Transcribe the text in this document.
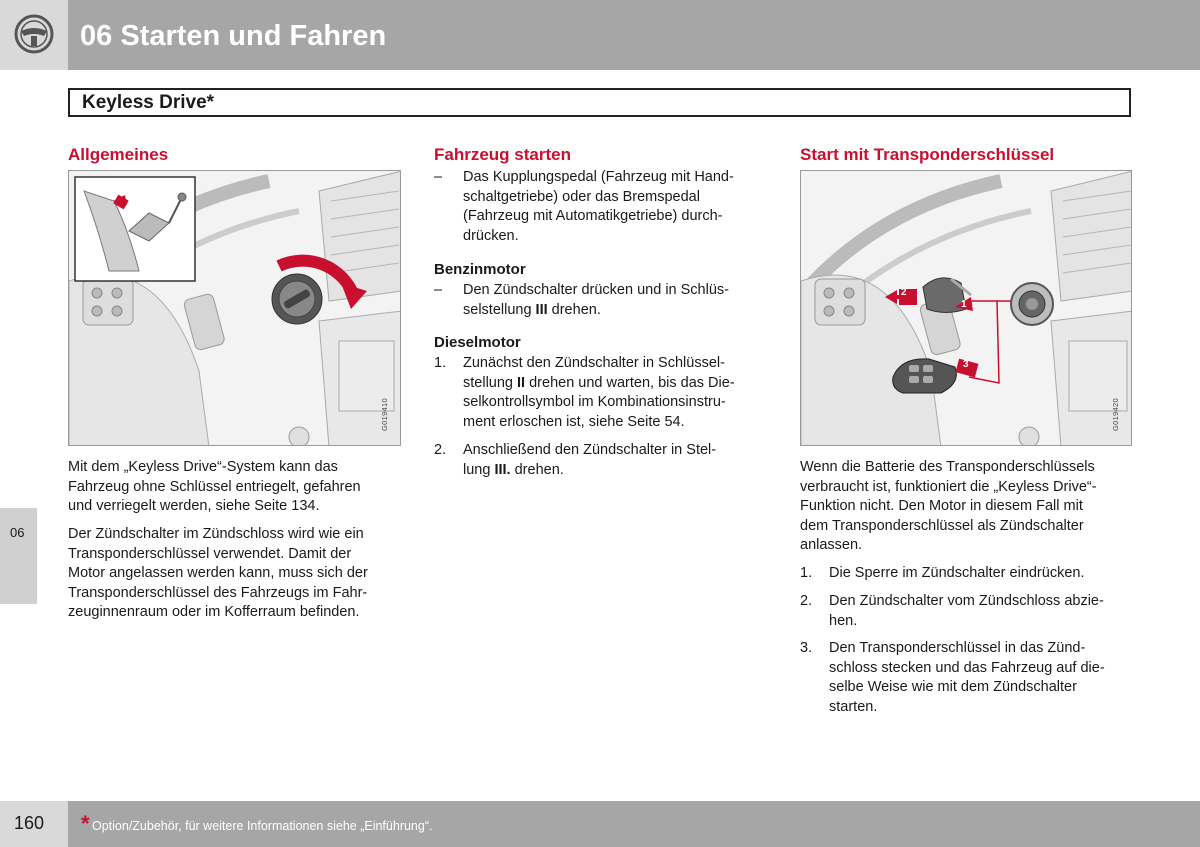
06 Starten und Fahren
Keyless Drive*
Allgemeines
G019410
Mit dem „Keyless Drive“-System kann das
Fahrzeug ohne Schlüssel entriegelt, gefahren
und verriegelt werden, siehe Seite 134.
Der Zündschalter im Zündschloss wird wie ein
Transponderschlüssel verwendet. Damit der
Motor angelassen werden kann, muss sich der
Transponderschlüssel des Fahrzeugs im Fahr-
zeuginnenraum oder im Kofferraum befinden.
Fahrzeug starten
– Das Kupplungspedal (Fahrzeug mit Hand-
schaltgetriebe) oder das Bremspedal
(Fahrzeug mit Automatikgetriebe) durch-
drücken.
Benzinmotor
– Den Zündschalter drücken und in Schlüs-
selstellung III drehen.
Dieselmotor
1. Zunächst den Zündschalter in Schlüssel-
stellung II drehen und warten, bis das Die-
selkontrollsymbol im Kombinationsinstru-
ment erloschen ist, siehe Seite 54.
2. Anschließend den Zündschalter in Stel-
lung III. drehen.
Start mit Transponderschlüssel
2
1
3
G019420
Wenn die Batterie des Transponderschlüssels
verbraucht ist, funktioniert die „Keyless Drive“-
Funktion nicht. Den Motor in diesem Fall mit
dem Transponderschlüssel als Zündschalter
anlassen.
1. Die Sperre im Zündschalter eindrücken.
2. Den Zündschalter vom Zündschloss abzie-
hen.
3. Den Transponderschlüssel in das Zünd-
schloss stecken und das Fahrzeug auf die-
selbe Weise wie mit dem Zündschalter
starten.
06
160 * Option/Zubehör, für weitere Informationen siehe „Einführung“.
